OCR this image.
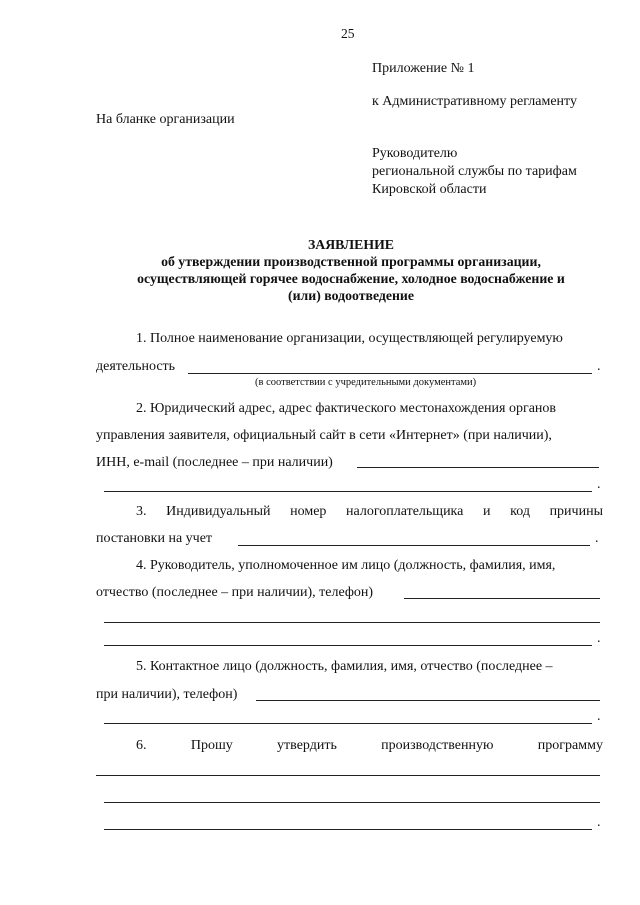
25
Приложение № 1
к Административному регламенту
На бланке организации
Руководителю
региональной службы по тарифам
Кировской области
ЗАЯВЛЕНИЕ
об утверждении производственной программы организации,
осуществляющей горячее водоснабжение, холодное водоснабжение и
(или) водоотведение
1. Полное наименование организации, осуществляющей регулируемую
деятельность	.
(в соответствии с учредительными документами)
2. Юридический адрес, адрес фактического местонахождения органов
управления заявителя, официальный сайт в сети «Интернет» (при наличии),
ИНН, e-mail (последнее – при наличии)
.
3. Индивидуальный номер налогоплательщика и код причины
постановки на учет	.
4. Руководитель, уполномоченное им лицо (должность, фамилия, имя,
отчество (последнее – при наличии), телефон)
.
5. Контактное лицо (должность, фамилия, имя, отчество (последнее –
при наличии), телефон)
.
6.	Прошу	утвердить	производственную	программу
.
